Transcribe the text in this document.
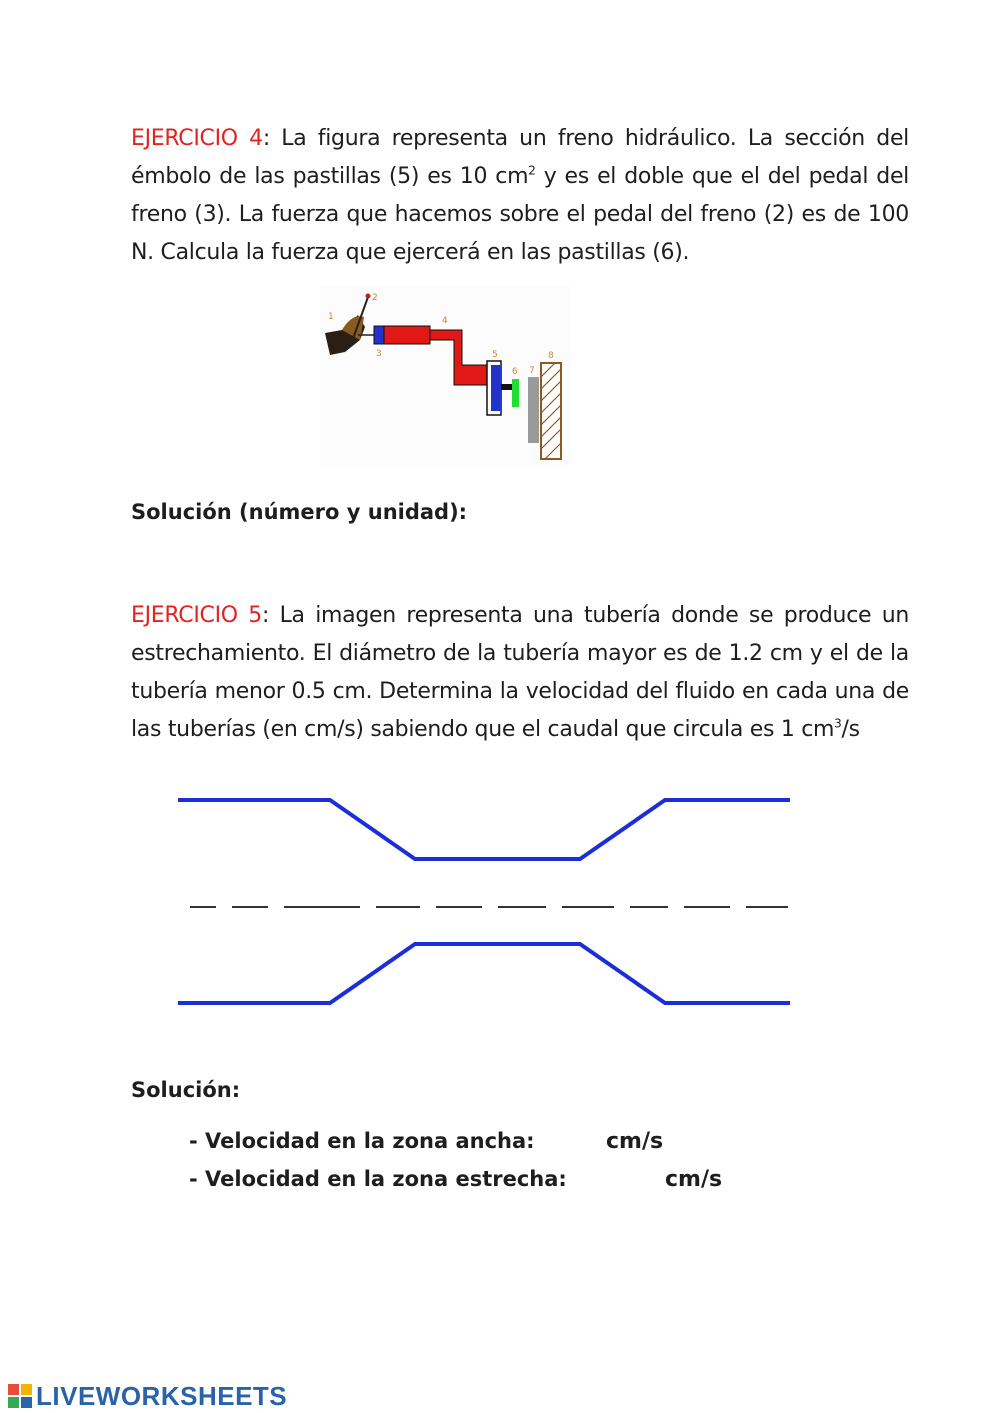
EJERCICIO 4: La figura representa un freno hidráulico. La sección del émbolo de las pastillas (5) es 10 $cm^2$ y es el doble que el del pedal del freno (3). La fuerza que hacemos sobre el pedal del freno (2) es de 100 N. Calcula la fuerza que ejercerá en las pastillas (6).
1
2
3
4
5
6 7
8
Solución (número y unidad):
EJERCICIO 5: La imagen representa una tubería donde se produce un estrechamiento. El diámetro de la tubería mayor es de 1.2 cm y el de la tubería menor 0.5 cm. Determina la velocidad del fluido en cada una de las tuberías (en cm/s) sabiendo que el caudal que circula es 1 $cm^3/s$
Solución:
- Velocidad en la zona ancha:	cm/s
- Velocidad en la zona estrecha:	cm/s
LIVEWORKSHEETS
